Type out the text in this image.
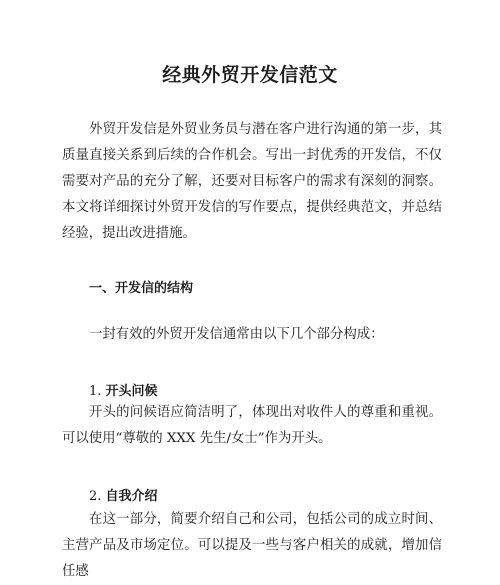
经典外贸开发信范文

外贸开发信是外贸业务员与潜在客户进行沟通的第一步，其质量直接关系到后续的合作机会。写出一封优秀的开发信，不仅需要对产品的充分了解，还要对目标客户的需求有深刻的洞察。本文将详细探讨外贸开发信的写作要点，提供经典范文，并总结经验，提出改进措施。

一、开发信的结构

一封有效的外贸开发信通常由以下几个部分构成：

1. 开头问候

开头的问候语应简洁明了，体现出对收件人的尊重和重视。可以使用“尊敬的 XXX 先生/女士”作为开头。

2. 自我介绍

在这一部分，简要介绍自己和公司，包括公司的成立时间、主营产品及市场定位。可以提及一些与客户相关的成就，增加信任感
